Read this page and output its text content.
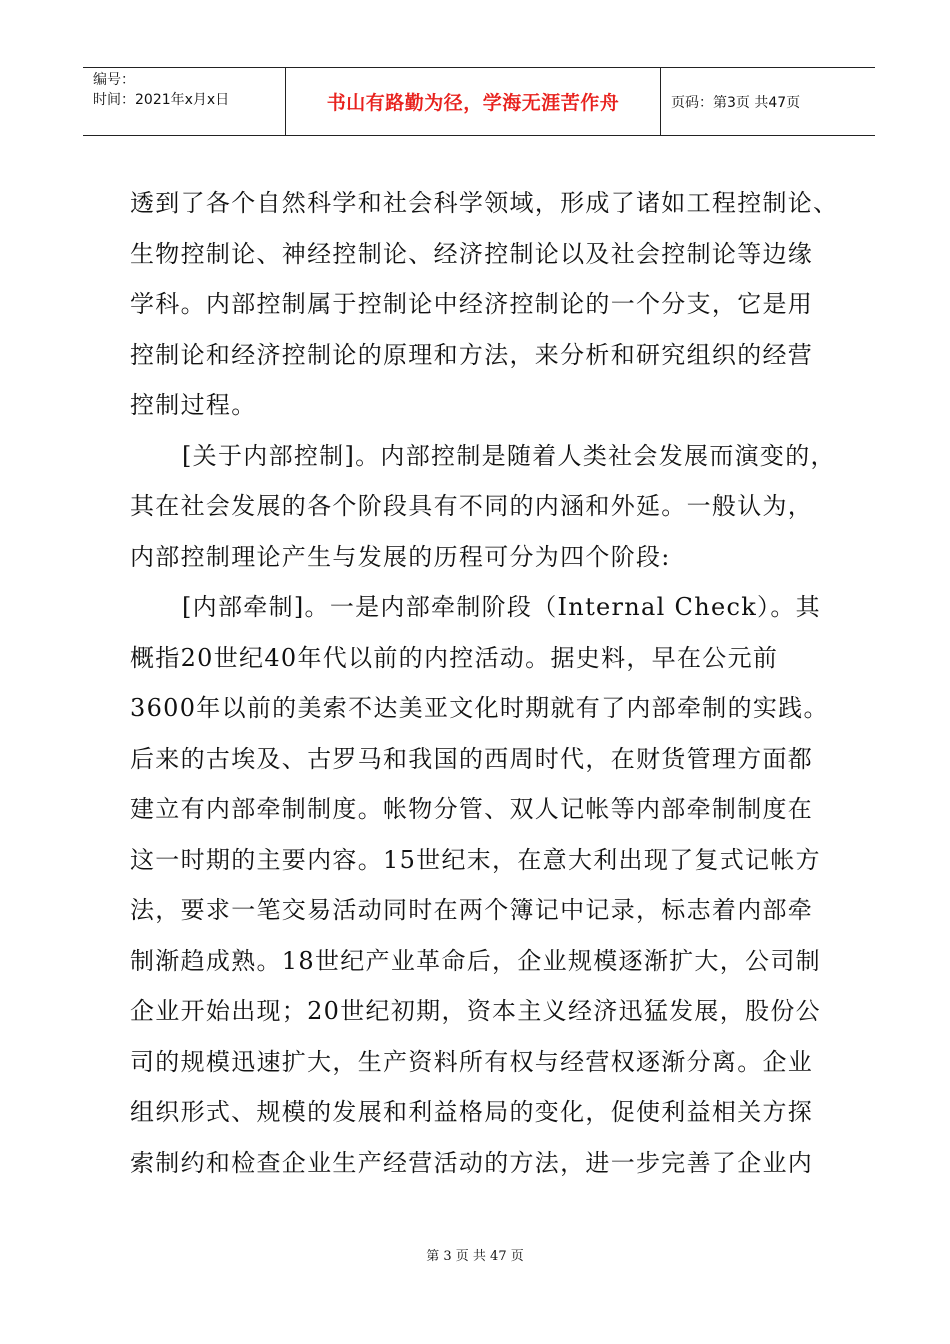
编号：
时间：2021年x月x日	书山有路勤为径，学海无涯苦作舟	页码：第3页 共47页
透到了各个自然科学和社会科学领域，形成了诸如工程控制论、
生物控制论、神经控制论、经济控制论以及社会控制论等边缘
学科。内部控制属于控制论中经济控制论的一个分支，它是用
控制论和经济控制论的原理和方法，来分析和研究组织的经营
控制过程。
[关于内部控制]。内部控制是随着人类社会发展而演变的，
其在社会发展的各个阶段具有不同的内涵和外延。一般认为，
内部控制理论产生与发展的历程可分为四个阶段:
[内部牵制]。一是内部牵制阶段（Internal Check）。其
概指20世纪40年代以前的内控活动。据史料，早在公元前
3600年以前的美索不达美亚文化时期就有了内部牵制的实践。
后来的古埃及、古罗马和我国的西周时代，在财货管理方面都
建立有内部牵制制度。帐物分管、双人记帐等内部牵制制度在
这一时期的主要内容。15世纪末，在意大利出现了复式记帐方
法，要求一笔交易活动同时在两个簿记中记录，标志着内部牵
制渐趋成熟。18世纪产业革命后，企业规模逐渐扩大，公司制
企业开始出现；20世纪初期，资本主义经济迅猛发展，股份公
司的规模迅速扩大，生产资料所有权与经营权逐渐分离。企业
组织形式、规模的发展和利益格局的变化，促使利益相关方探
索制约和检查企业生产经营活动的方法，进一步完善了企业内
第 3 页 共 47 页
